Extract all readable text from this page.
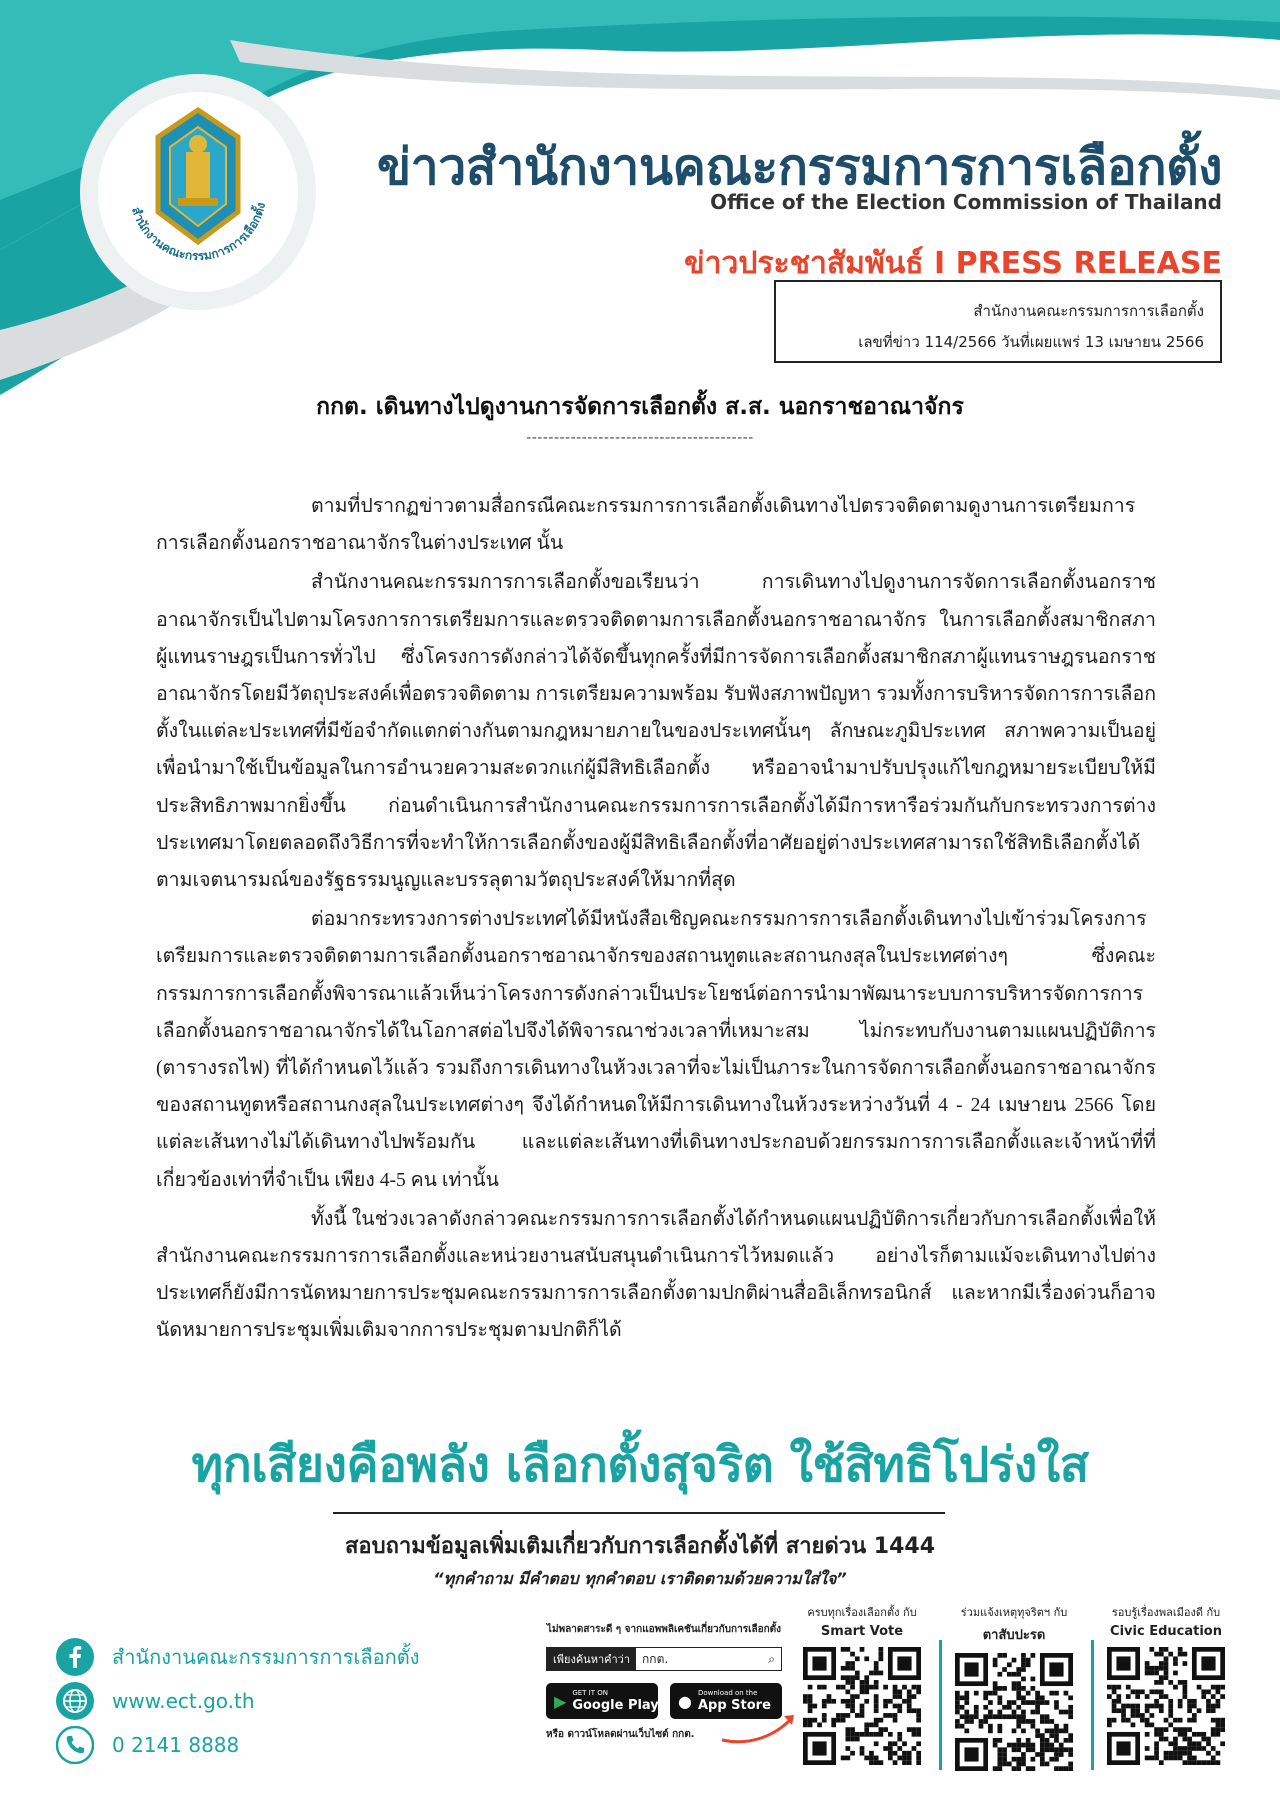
สำนักงานคณะกรรมการการเลือกตั้ง
ข่าวสำนักงานคณะกรรมการการเลือกตั้ง
Office of the Election Commission of Thailand
ข่าวประชาสัมพันธ์ I PRESS RELEASE
สำนักงานคณะกรรมการการเลือกตั้ง
เลขที่ข่าว 114/2566 วันที่เผยแพร่ 13 เมษายน 2566
กกต. เดินทางไปดูงานการจัดการเลือกตั้ง ส.ส. นอกราชอาณาจักร
-----------------------------------------

ตามที่ปรากฏข่าวตามสื่อกรณีคณะกรรมการการเลือกตั้งเดินทางไปตรวจติดตามดูงานการเตรียมการการเลือกตั้งนอกราชอาณาจักรในต่างประเทศ นั้น

สำนักงานคณะกรรมการการเลือกตั้งขอเรียนว่า การเดินทางไปดูงานการจัดการเลือกตั้งนอกราชอาณาจักรเป็นไปตามโครงการการเตรียมการและตรวจติดตามการเลือกตั้งนอกราชอาณาจักร ในการเลือกตั้งสมาชิกสภาผู้แทนราษฎรเป็นการทั่วไป ซึ่งโครงการดังกล่าวได้จัดขึ้นทุกครั้งที่มีการจัดการเลือกตั้งสมาชิกสภาผู้แทนราษฎรนอกราชอาณาจักรโดยมีวัตถุประสงค์เพื่อตรวจติดตาม การเตรียมความพร้อม รับฟังสภาพปัญหา รวมทั้งการบริหารจัดการการเลือกตั้งในแต่ละประเทศที่มีข้อจำกัดแตกต่างกันตามกฎหมายภายในของประเทศนั้นๆ ลักษณะภูมิประเทศ สภาพความเป็นอยู่เพื่อนำมาใช้เป็นข้อมูลในการอำนวยความสะดวกแก่ผู้มีสิทธิเลือกตั้ง หรืออาจนำมาปรับปรุงแก้ไขกฎหมายระเบียบให้มีประสิทธิภาพมากยิ่งขึ้น ก่อนดำเนินการสำนักงานคณะกรรมการการเลือกตั้งได้มีการหารือร่วมกันกับกระทรวงการต่างประเทศมาโดยตลอดถึงวิธีการที่จะทำให้การเลือกตั้งของผู้มีสิทธิเลือกตั้งที่อาศัยอยู่ต่างประเทศสามารถใช้สิทธิเลือกตั้งได้ตามเจตนารมณ์ของรัฐธรรมนูญและบรรลุตามวัตถุประสงค์ให้มากที่สุด

ต่อมากระทรวงการต่างประเทศได้มีหนังสือเชิญคณะกรรมการการเลือกตั้งเดินทางไปเข้าร่วมโครงการเตรียมการและตรวจติดตามการเลือกตั้งนอกราชอาณาจักรของสถานทูตและสถานกงสุลในประเทศต่างๆ ซึ่งคณะกรรมการการเลือกตั้งพิจารณาแล้วเห็นว่าโครงการดังกล่าวเป็นประโยชน์ต่อการนำมาพัฒนาระบบการบริหารจัดการการเลือกตั้งนอกราชอาณาจักรได้ในโอกาสต่อไปจึงได้พิจารณาช่วงเวลาที่เหมาะสม ไม่กระทบกับงานตามแผนปฏิบัติการ (ตารางรถไฟ) ที่ได้กำหนดไว้แล้ว รวมถึงการเดินทางในห้วงเวลาที่จะไม่เป็นภาระในการจัดการเลือกตั้งนอกราชอาณาจักรของสถานทูตหรือสถานกงสุลในประเทศต่างๆ จึงได้กำหนดให้มีการเดินทางในห้วงระหว่างวันที่ 4 - 24 เมษายน 2566 โดยแต่ละเส้นทางไม่ได้เดินทางไปพร้อมกัน และแต่ละเส้นทางที่เดินทางประกอบด้วยกรรมการการเลือกตั้งและเจ้าหน้าที่ที่เกี่ยวข้องเท่าที่จำเป็น เพียง 4-5 คน เท่านั้น

ทั้งนี้ ในช่วงเวลาดังกล่าวคณะกรรมการการเลือกตั้งได้กำหนดแผนปฏิบัติการเกี่ยวกับการเลือกตั้งเพื่อให้สำนักงานคณะกรรมการการเลือกตั้งและหน่วยงานสนับสนุนดำเนินการไว้หมดแล้ว อย่างไรก็ตามแม้จะเดินทางไปต่างประเทศก็ยังมีการนัดหมายการประชุมคณะกรรมการการเลือกตั้งตามปกติผ่านสื่ออิเล็กทรอนิกส์ และหากมีเรื่องด่วนก็อาจนัดหมายการประชุมเพิ่มเติมจากการประชุมตามปกติก็ได้

ทุกเสียงคือพลัง เลือกตั้งสุจริต ใช้สิทธิโปร่งใส
สอบถามข้อมูลเพิ่มเติมเกี่ยวกับการเลือกตั้งได้ที่ สายด่วน 1444
“ทุกคำถาม มีคำตอบ ทุกคำตอบ เราติดตามด้วยความใส่ใจ”
สำนักงานคณะกรรมการการเลือกตั้ง
www.ect.go.th
0 2141 8888
ไม่พลาดสาระดี ๆ จากแอพพลิเคชันเกี่ยวกับการเลือกตั้ง
เพียงค้นหาคำว่า	กกต.	⌕
▶ GET IT ON
Google Play ● Download on the
App Store
หรือ ดาวน์โหลดผ่านเว็บไซต์ กกต.
ครบทุกเรื่องเลือกตั้ง กับ
Smart Vote
ร่วมแจ้งเหตุทุจริตฯ กับ
ตาสับปะรด
รอบรู้เรื่องพลเมืองดี กับ
Civic Education
